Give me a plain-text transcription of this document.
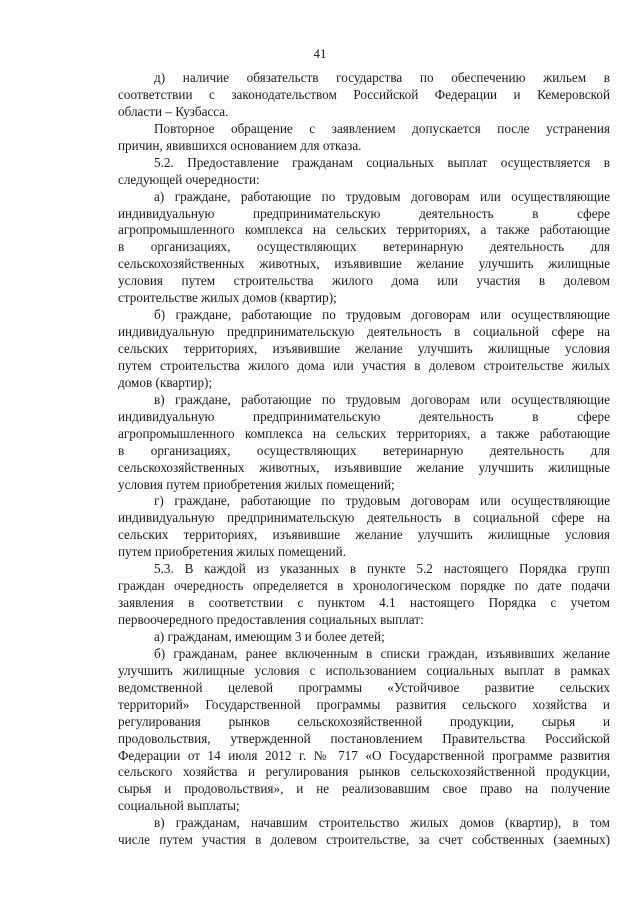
41
д) наличие обязательств государства по обеспечению жильем в
соответствии с законодательством Российской Федерации и Кемеровской
области – Кузбасса.
Повторное обращение с заявлением допускается после устранения
причин, явившихся основанием для отказа.
5.2. Предоставление гражданам социальных выплат осуществляется в
следующей очередности:
а) граждане, работающие по трудовым договорам или осуществляющие
индивидуальную предпринимательскую деятельность в сфере
агропромышленного комплекса на сельских территориях, а также работающие
в организациях, осуществляющих ветеринарную деятельность для
сельскохозяйственных животных, изъявившие желание улучшить жилищные
условия путем строительства жилого дома или участия в долевом
строительстве жилых домов (квартир);
б) граждане, работающие по трудовым договорам или осуществляющие
индивидуальную предпринимательскую деятельность в социальной сфере на
сельских территориях, изъявившие желание улучшить жилищные условия
путем строительства жилого дома или участия в долевом строительстве жилых
домов (квартир);
в) граждане, работающие по трудовым договорам или осуществляющие
индивидуальную предпринимательскую деятельность в сфере
агропромышленного комплекса на сельских территориях, а также работающие
в организациях, осуществляющих ветеринарную деятельность для
сельскохозяйственных животных, изъявившие желание улучшить жилищные
условия путем приобретения жилых помещений;
г) граждане, работающие по трудовым договорам или осуществляющие
индивидуальную предпринимательскую деятельность в социальной сфере на
сельских территориях, изъявившие желание улучшить жилищные условия
путем приобретения жилых помещений.
5.3. В каждой из указанных в пункте 5.2 настоящего Порядка групп
граждан очередность определяется в хронологическом порядке по дате подачи
заявления в соответствии с пунктом 4.1 настоящего Порядка с учетом
первоочередного предоставления социальных выплат:
а) гражданам, имеющим 3 и более детей;
б) гражданам, ранее включенным в списки граждан, изъявивших желание
улучшить жилищные условия с использованием социальных выплат в рамках
ведомственной целевой программы «Устойчивое развитие сельских
территорий» Государственной программы развития сельского хозяйства и
регулирования рынков сельскохозяйственной продукции, сырья и
продовольствия, утвержденной постановлением Правительства Российской
Федерации от 14 июля 2012 г. № 717 «О Государственной программе развития
сельского хозяйства и регулирования рынков сельскохозяйственной продукции,
сырья и продовольствия», и не реализовавшим свое право на получение
социальной выплаты;
в) гражданам, начавшим строительство жилых домов (квартир), в том
числе путем участия в долевом строительстве, за счет собственных (заемных)
